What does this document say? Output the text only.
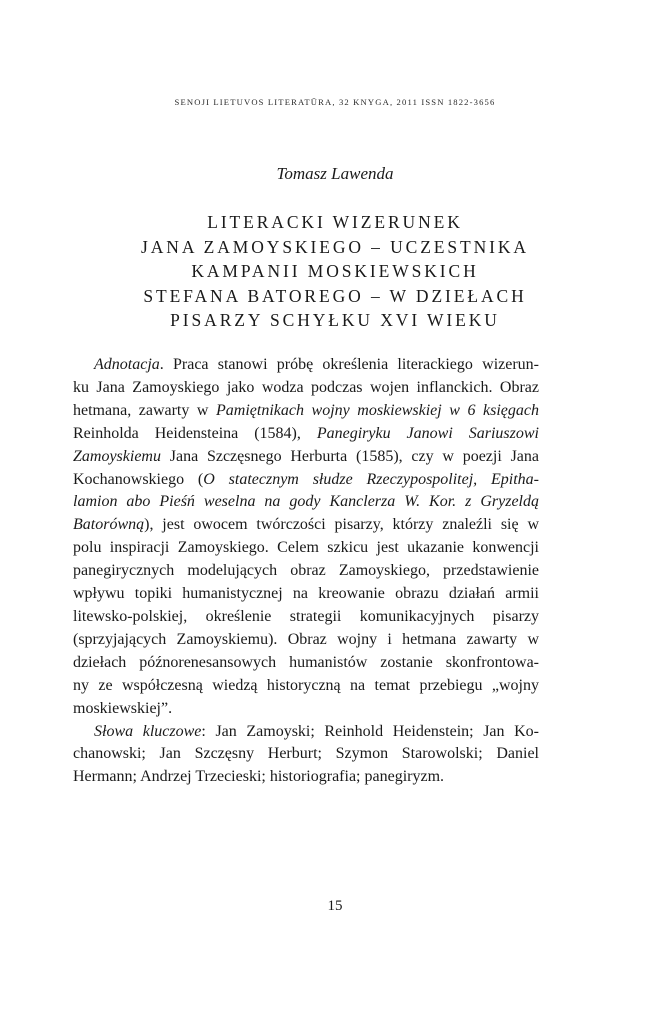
SENOJI LIETUVOS LITERATŪRA, 32 KNYGA, 2011 ISSN 1822-3656
Tomasz Lawenda
LITERACKI WIZERUNEK
JANA ZAMOYSKIEGO – UCZESTNIKA
KAMPANII MOSKIEWSKICH
STEFANA BATOREGO – W DZIEŁACH
PISARZY SCHYŁKU XVI WIEKU
Adnotacja. Praca stanowi próbę określenia literackiego wizerun-
ku Jana Zamoyskiego jako wodza podczas wojen inflanckich. Obraz
hetmana, zawarty w Pamiętnikach wojny moskiewskiej w 6 księgach
Reinholda Heidensteina (1584), Panegiryku Janowi Sariuszowi
Zamoyskiemu Jana Szczęsnego Herburta (1585), czy w poezji Jana
Kochanowskiego (O statecznym słudze Rzeczypospolitej, Epitha-
lamion abo Pieśń weselna na gody Kanclerza W. Kor. z Gryzeldą
Batorówną), jest owocem twórczości pisarzy, którzy znaleźli się w
polu inspiracji Zamoyskiego. Celem szkicu jest ukazanie konwencji
panegirycznych modelujących obraz Zamoyskiego, przedstawienie
wpływu topiki humanistycznej na kreowanie obrazu działań armii
litewsko-polskiej, określenie strategii komunikacyjnych pisarzy
(sprzyjających Zamoyskiemu). Obraz wojny i hetmana zawarty w
dziełach późnorenesansowych humanistów zostanie skonfrontowa-
ny ze współczesną wiedzą historyczną na temat przebiegu „wojny
moskiewskiej”.
Słowa kluczowe: Jan Zamoyski; Reinhold Heidenstein; Jan Ko-
chanowski; Jan Szczęsny Herburt; Szymon Starowolski; Daniel
Hermann; Andrzej Trzecieski; historiografia; panegiryzm.
15
